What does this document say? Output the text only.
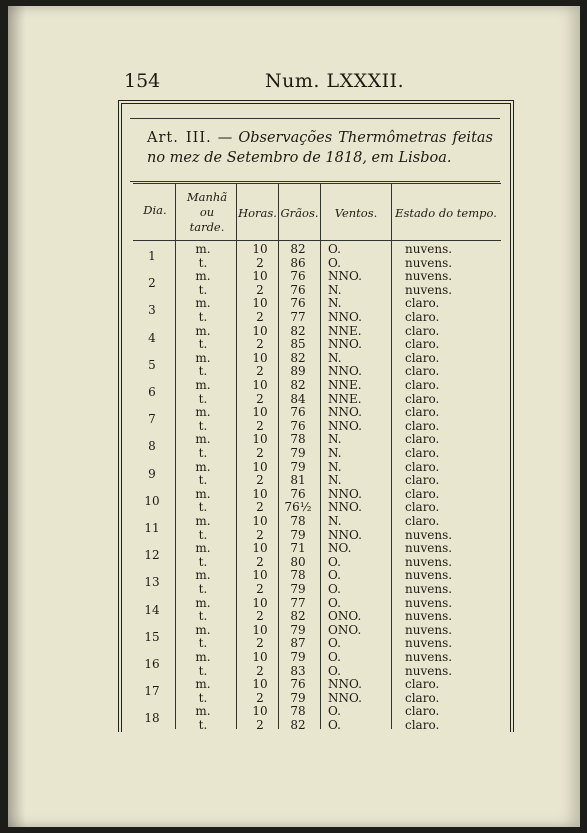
154	Num. LXXXII.
Art. III. — Observações Thermômetras feitas no mez de Setembro de 1818, em Lisboa.
Dia.
Manhã ou tarde.
Horas. Grãos.	Ventos.	Estado do tempo.
1	m.	10	82	O.	nuvens.
t.	2	86	O.	nuvens.
2	m.	10	76	NNO.	nuvens.
t.	2	76	N.	nuvens.
3	m.	10	76	N.	claro.
t.	2	77	NNO.	claro.
4	m.	10	82	NNE.	claro.
t.	2	85	NNO.	claro.
5	m.	10	82	N.	claro.
t.	2	89	NNO.	claro.
6	m.	10	82	NNE.	claro.
t.	2	84	NNE.	claro.
7	m.	10	76	NNO.	claro.
t.	2	76	NNO.	claro.
8	m.	10	78	N.	claro.
t.	2	79	N.	claro.
9	m.	10	79	N.	claro.
t.	2	81	N.	claro.
10	m.	10	76	NNO.	claro.
t.	2	76½ NNO.	claro.
11	m.	10	78	N.	claro.
t.	2	79	NNO.	nuvens.
12	m.	10	71	NO.	nuvens.
t.	2	80	O.	nuvens.
13	m.	10	78	O.	nuvens.
t.	2	79	O.	nuvens.
14	m.	10	77	O.	nuvens.
t.	2	82	ONO.	nuvens.
15	m.	10	79	ONO.	nuvens.
t.	2	87	O.	nuvens.
16	m.	10	79	O.	nuvens.
t.	2	83	O.	nuvens.
17	m.	10	76	NNO.	claro.
t.	2	79	NNO.	claro.
18	m.	10	78	O.	claro.
t.	2	82	O.	claro.
